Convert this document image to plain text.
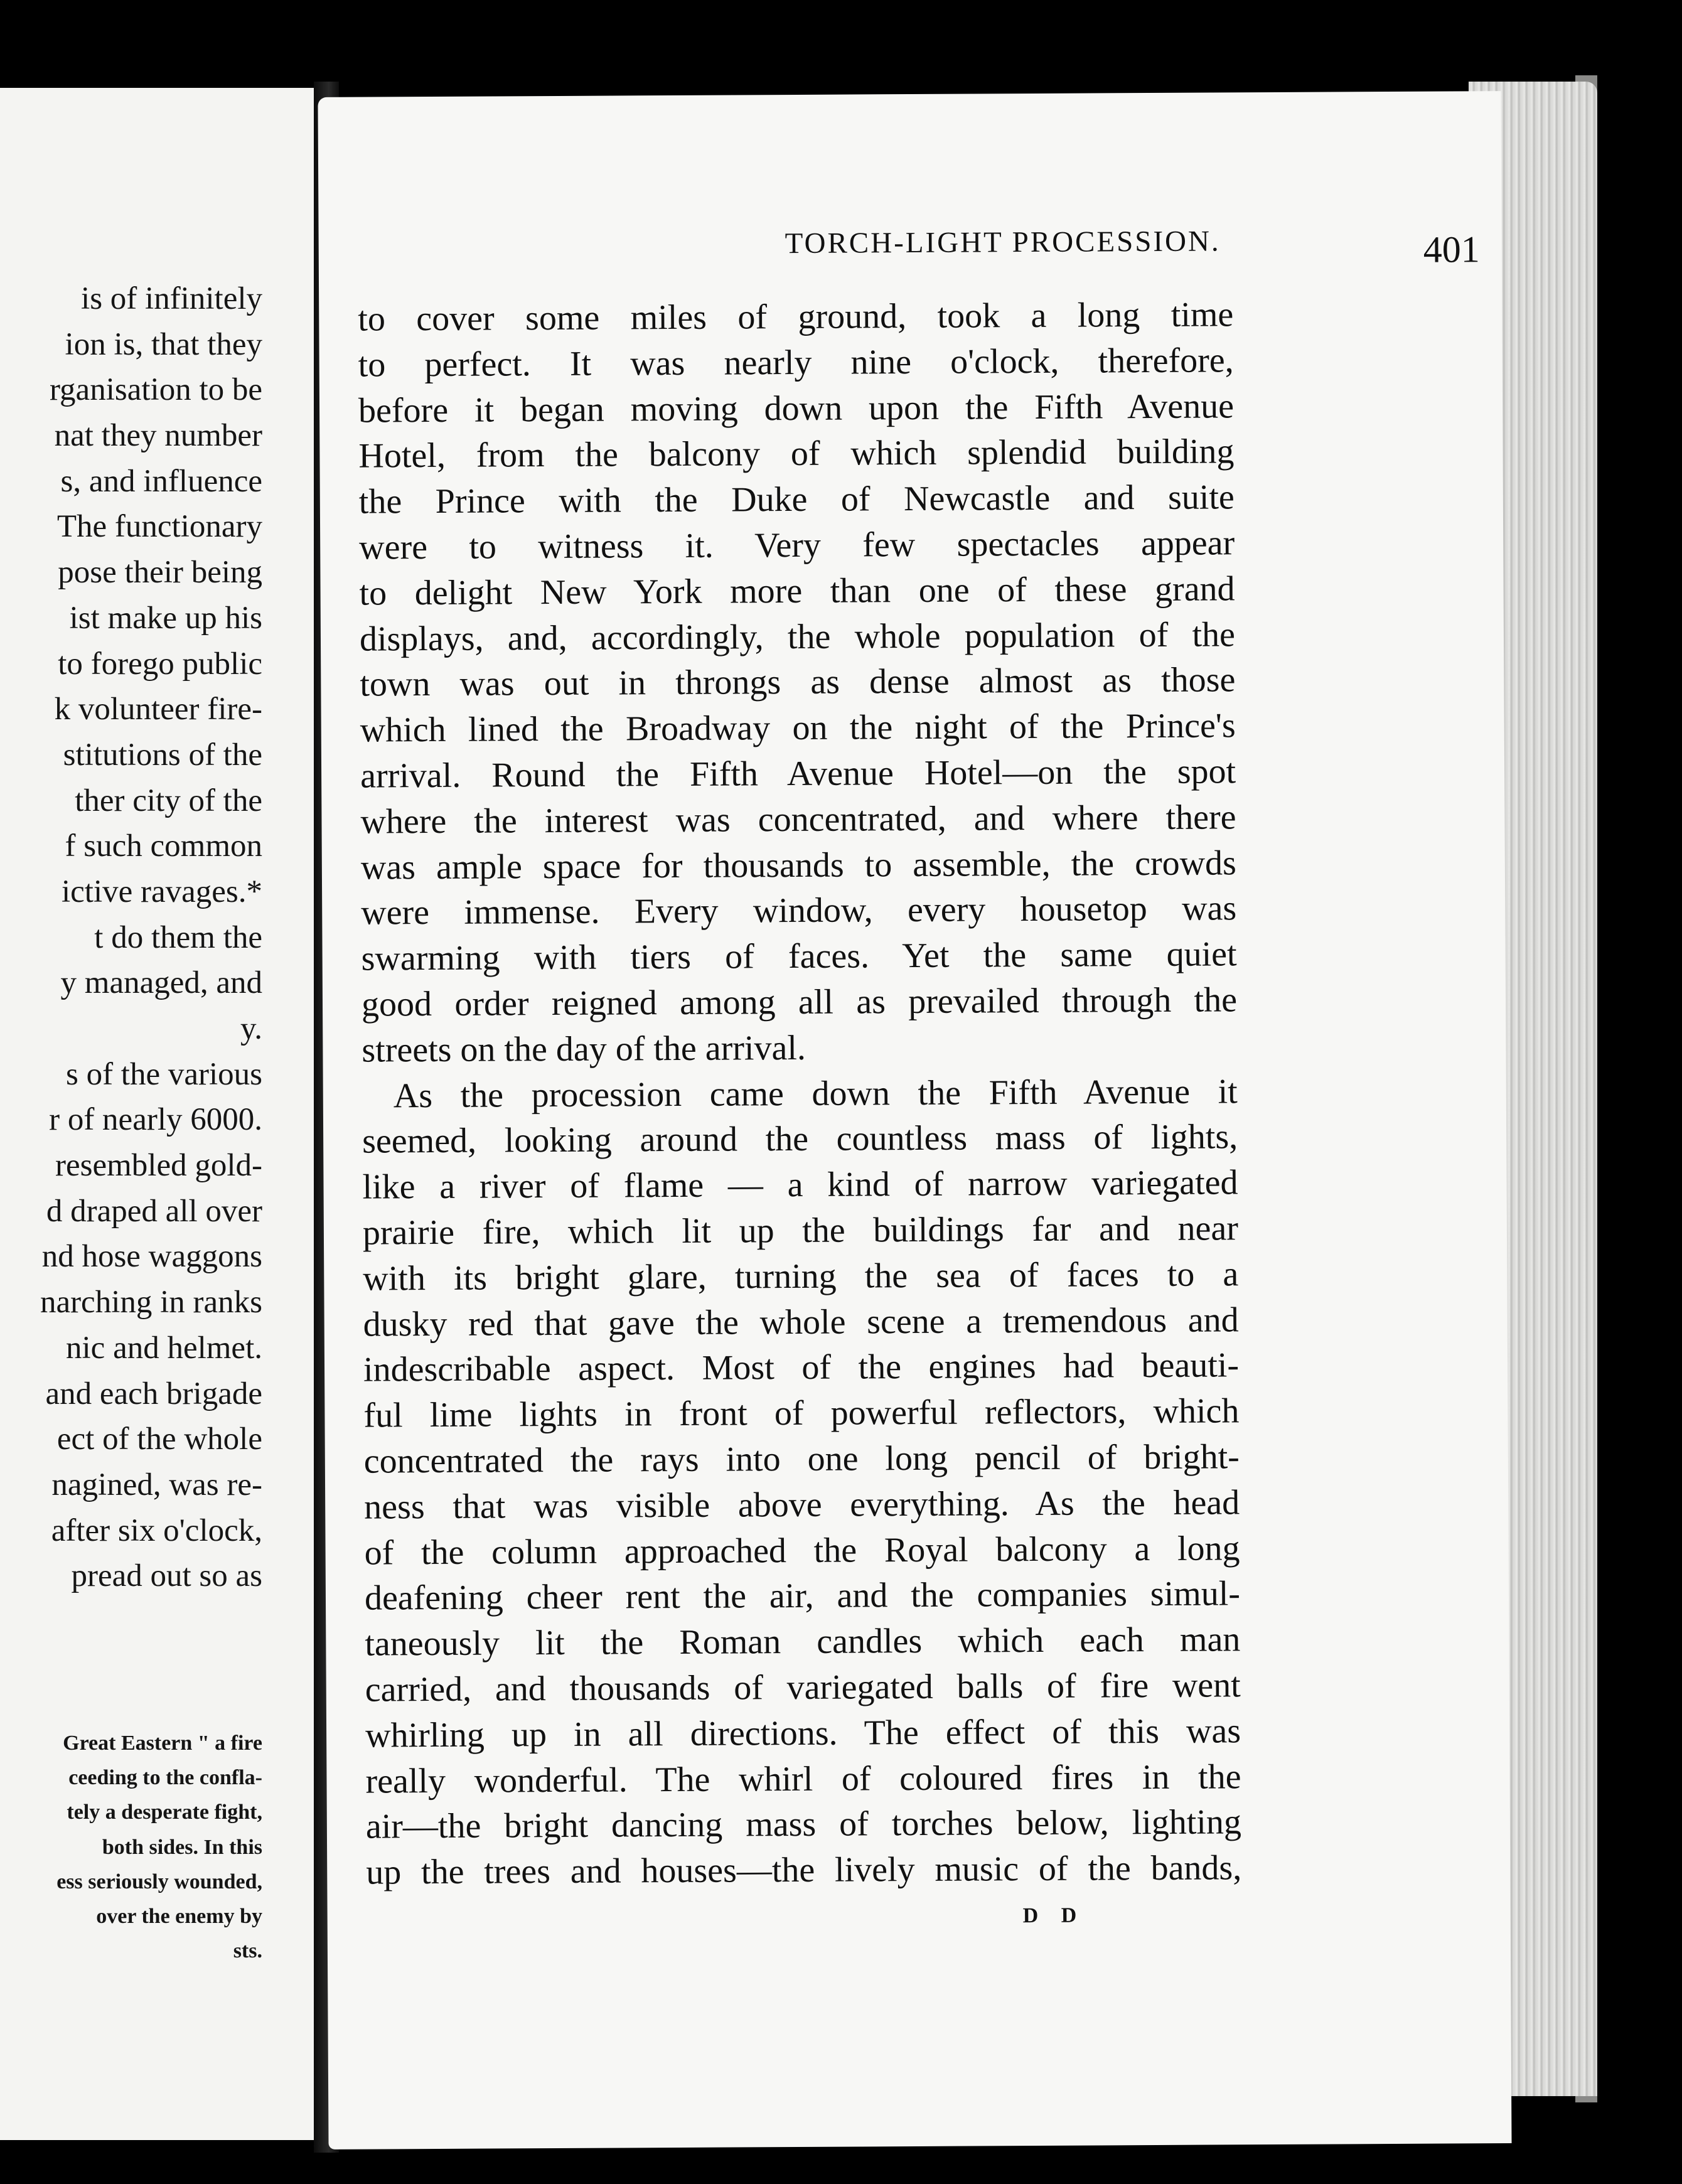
is of infinitely
ion is, that they
rganisation to be
nat they number
s, and influence
The functionary
pose their being
ist make up his
to forego public
k volunteer fire-
stitutions of the
ther city of the
f such common
ictive ravages.*
t do them the
y managed, and
y.
s of the various
r of nearly 6000.
resembled gold-
d draped all over
nd hose waggons
narching in ranks
nic and helmet.
and each brigade
ect of the whole
nagined, was re-
after six o'clock,
pread out so as
Great Eastern " a fire
ceeding to the confla-
tely a desperate fight,
both sides. In this
ess seriously wounded,
over the enemy by
sts.
TORCH-LIGHT PROCESSION.	401
to cover some miles of ground, took a long time
to perfect. It was nearly nine o'clock, therefore,
before it began moving down upon the Fifth Avenue
Hotel, from the balcony of which splendid building
the Prince with the Duke of Newcastle and suite
were to witness it. Very few spectacles appear
to delight New York more than one of these grand
displays, and, accordingly, the whole population of the
town was out in throngs as dense almost as those
which lined the Broadway on the night of the Prince's
arrival. Round the Fifth Avenue Hotel—on the spot
where the interest was concentrated, and where there
was ample space for thousands to assemble, the crowds
were immense. Every window, every housetop was
swarming with tiers of faces. Yet the same quiet
good order reigned among all as prevailed through the
streets on the day of the arrival.
As the procession came down the Fifth Avenue it
seemed, looking around the countless mass of lights,
like a river of flame — a kind of narrow variegated
prairie fire, which lit up the buildings far and near
with its bright glare, turning the sea of faces to a
dusky red that gave the whole scene a tremendous and
indescribable aspect. Most of the engines had beauti-
ful lime lights in front of powerful reflectors, which
concentrated the rays into one long pencil of bright-
ness that was visible above everything. As the head
of the column approached the Royal balcony a long
deafening cheer rent the air, and the companies simul-
taneously lit the Roman candles which each man
carried, and thousands of variegated balls of fire went
whirling up in all directions. The effect of this was
really wonderful. The whirl of coloured fires in the
air—the bright dancing mass of torches below, lighting
up the trees and houses—the lively music of the bands,
D D
